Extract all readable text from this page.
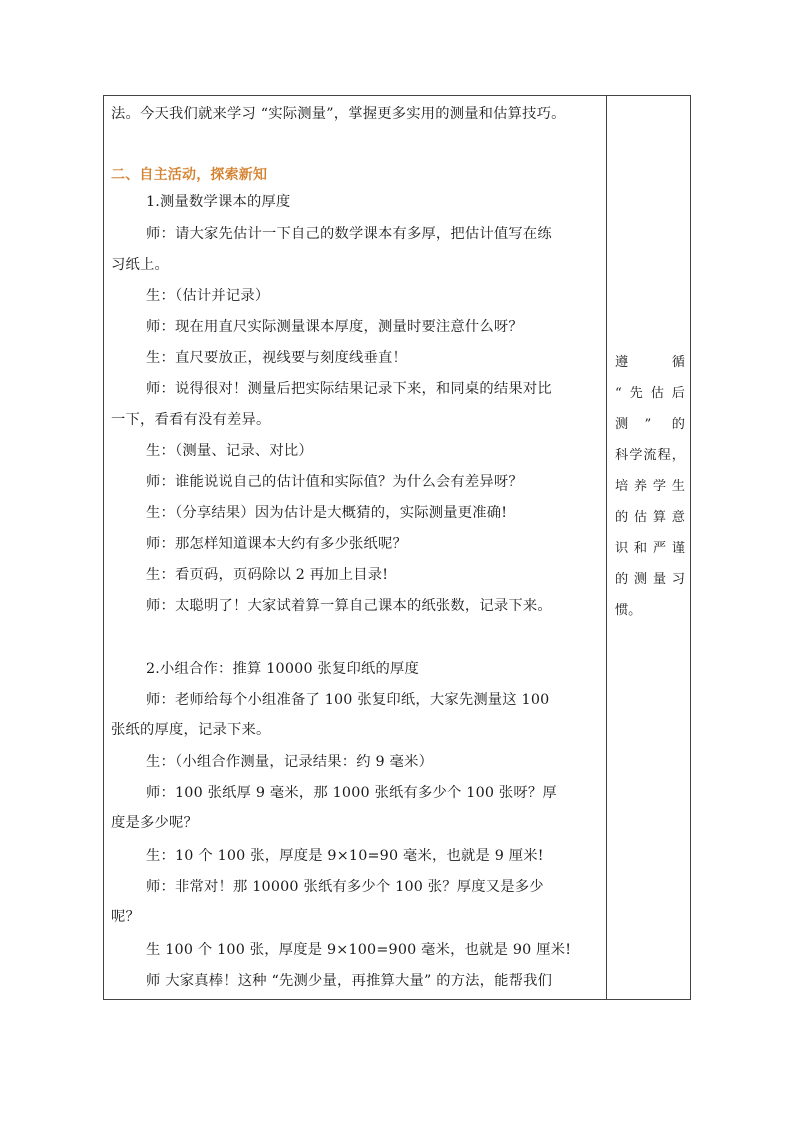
法。今天我们就来学习 “实际测量”，掌握更多实用的测量和估算技巧。
二、自主活动，探索新知
1.测量数学课本的厚度
师：请大家先估计一下自己的数学课本有多厚，把估计值写在练
习纸上。
生：（估计并记录）
师：现在用直尺实际测量课本厚度，测量时要注意什么呀？
生：直尺要放正，视线要与刻度线垂直！
师：说得很对！测量后把实际结果记录下来，和同桌的结果对比
一下，看看有没有差异。
生：（测量、记录、对比）
师：谁能说说自己的估计值和实际值？为什么会有差异呀？
生：（分享结果）因为估计是大概猜的，实际测量更准确!
师：那怎样知道课本大约有多少张纸呢？
生：看页码，页码除以 2 再加上目录!
师：太聪明了！大家试着算一算自己课本的纸张数，记录下来。
2.小组合作：推算 10000 张复印纸的厚度
师：老师给每个小组准备了 100 张复印纸，大家先测量这 100
张纸的厚度，记录下来。
生：（小组合作测量，记录结果：约 9 毫米）
师：100 张纸厚 9 毫米，那 1000 张纸有多少个 100 张呀？厚
度是多少呢？
生：10 个 100 张，厚度是 9×10=90 毫米，也就是 9 厘米!
师：非常对！那 10000 张纸有多少个 100 张？厚度又是多少
呢？
生 100 个 100 张，厚度是 9×100=900 毫米，也就是 90 厘米!
师 大家真棒！这种 “先测少量，再推算大量” 的方法，能帮我们
遵 循
“先估后
测” 的
科学流程，
培养学生
的估算意
识和严谨
的测量习
惯。
